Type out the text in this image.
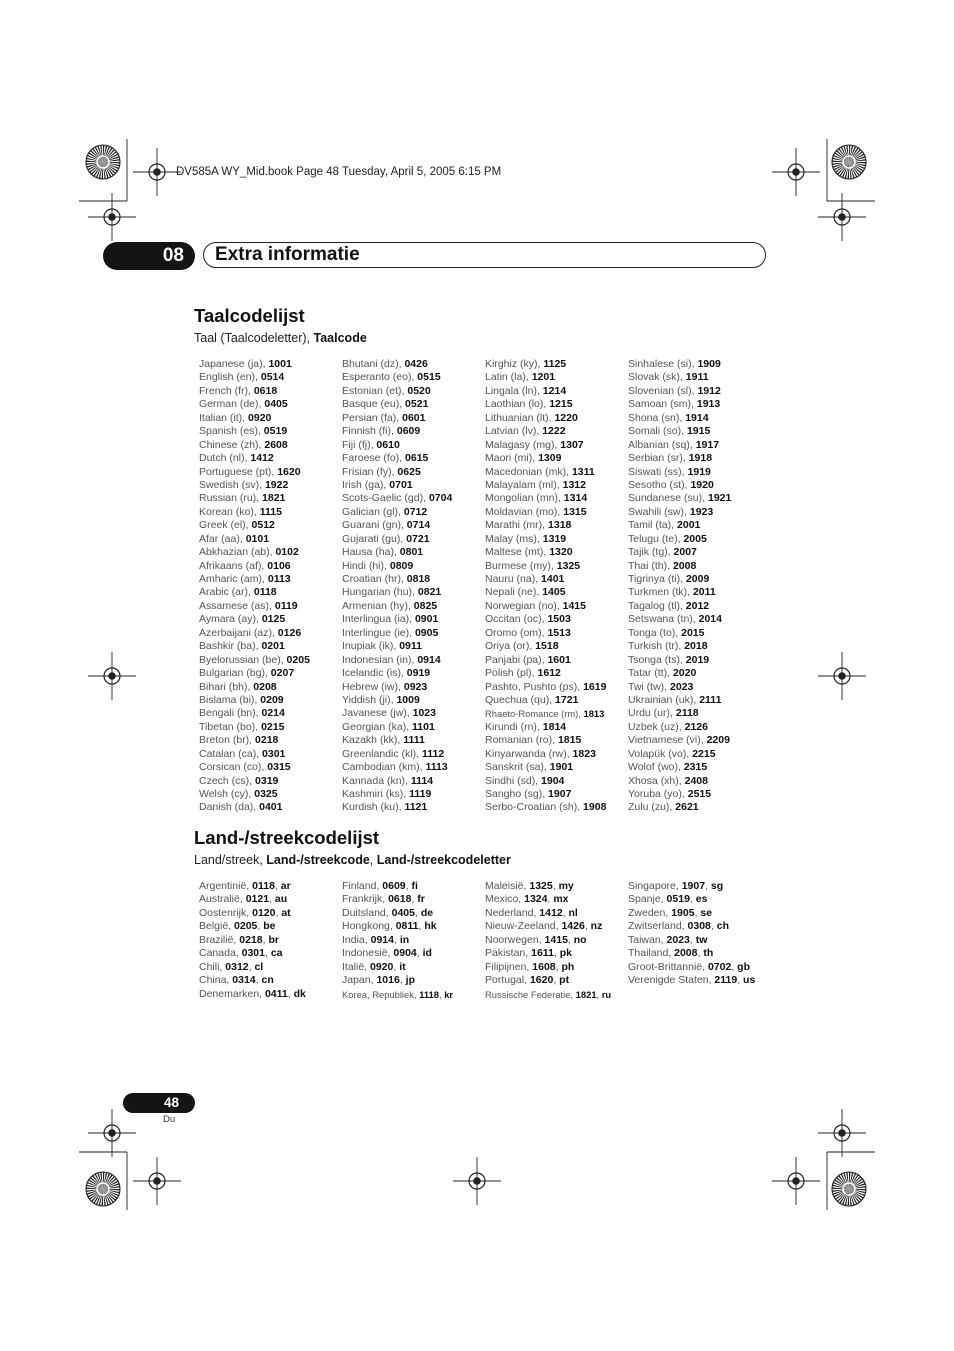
DV585A WY_Mid.book Page 48 Tuesday, April 5, 2005 6:15 PM
08	Extra informatie
Taalcodelijst
Taal (Taalcodeletter), Taalcode
Japanese (ja), 1001
English (en), 0514
French (fr), 0618
German (de), 0405
Italian (it), 0920
Spanish (es), 0519
Chinese (zh), 2608
Dutch (nl), 1412
Portuguese (pt), 1620
Swedish (sv), 1922
Russian (ru), 1821
Korean (ko), 1115
Greek (el), 0512
Afar (aa), 0101
Abkhazian (ab), 0102
Afrikaans (af), 0106
Amharic (am), 0113
Arabic (ar), 0118
Assamese (as), 0119
Aymara (ay), 0125
Azerbaijani (az), 0126
Bashkir (ba), 0201
Byelorussian (be), 0205
Bulgarian (bg), 0207
Bihari (bh), 0208
Bislama (bi), 0209
Bengali (bn), 0214
Tibetan (bo), 0215
Breton (br), 0218
Catalan (ca), 0301
Corsican (co), 0315
Czech (cs), 0319
Welsh (cy), 0325
Danish (da), 0401
Bhutani (dz), 0426
Esperanto (eo), 0515
Estonian (et), 0520
Basque (eu), 0521
Persian (fa), 0601
Finnish (fi), 0609
Fiji (fj), 0610
Faroese (fo), 0615
Frisian (fy), 0625
Irish (ga), 0701
Scots-Gaelic (gd), 0704
Galician (gl), 0712
Guarani (gn), 0714
Gujarati (gu), 0721
Hausa (ha), 0801
Hindi (hi), 0809
Croatian (hr), 0818
Hungarian (hu), 0821
Armenian (hy), 0825
Interlingua (ia), 0901
Interlingue (ie), 0905
Inupiak (ik), 0911
Indonesian (in), 0914
Icelandic (is), 0919
Hebrew (iw), 0923
Yiddish (ji), 1009
Javanese (jw), 1023
Georgian (ka), 1101
Kazakh (kk), 1111
Greenlandic (kl), 1112
Cambodian (km), 1113
Kannada (kn), 1114
Kashmiri (ks), 1119
Kurdish (ku), 1121
Kirghiz (ky), 1125
Latin (la), 1201
Lingala (ln), 1214
Laothian (lo), 1215
Lithuanian (lt), 1220
Latvian (lv), 1222
Malagasy (mg), 1307
Maori (mi), 1309
Macedonian (mk), 1311
Malayalam (ml), 1312
Mongolian (mn), 1314
Moldavian (mo), 1315
Marathi (mr), 1318
Malay (ms), 1319
Maltese (mt), 1320
Burmese (my), 1325
Nauru (na), 1401
Nepali (ne), 1405
Norwegian (no), 1415
Occitan (oc), 1503
Oromo (om), 1513
Oriya (or), 1518
Panjabi (pa), 1601
Polish (pl), 1612
Pashto, Pushto (ps), 1619
Quechua (qu), 1721
Rhaeto-Romance (rm), 1813
Kirundi (rn), 1814
Romanian (ro), 1815
Kinyarwanda (rw), 1823
Sanskrit (sa), 1901
Sindhi (sd), 1904
Sangho (sg), 1907
Serbo-Croatian (sh), 1908
Sinhalese (si), 1909
Slovak (sk), 1911
Slovenian (sl), 1912
Samoan (sm), 1913
Shona (sn), 1914
Somali (so), 1915
Albanian (sq), 1917
Serbian (sr), 1918
Siswati (ss), 1919
Sesotho (st), 1920
Sundanese (su), 1921
Swahili (sw), 1923
Tamil (ta), 2001
Telugu (te), 2005
Tajik (tg), 2007
Thai (th), 2008
Tigrinya (ti), 2009
Turkmen (tk), 2011
Tagalog (tl), 2012
Setswana (tn), 2014
Tonga (to), 2015
Turkish (tr), 2018
Tsonga (ts), 2019
Tatar (tt), 2020
Twi (tw), 2023
Ukrainian (uk), 2111
Urdu (ur), 2118
Uzbek (uz), 2126
Vietnamese (vi), 2209
Volapük (vo), 2215
Wolof (wo), 2315
Xhosa (xh), 2408
Yoruba (yo), 2515
Zulu (zu), 2621
Land-/streekcodelijst
Land/streek, Land-/streekcode, Land-/streekcodeletter
Argentinië, 0118, ar
Australië, 0121, au
Oostenrijk, 0120, at
België, 0205, be
Brazilië, 0218, br
Canada, 0301, ca
Chili, 0312, cl
China, 0314, cn
Denemarken, 0411, dk
Finland, 0609, fi
Frankrijk, 0618, fr
Duitsland, 0405, de
Hongkong, 0811, hk
India, 0914, in
Indonesië, 0904, id
Italië, 0920, it
Japan, 1016, jp
Korea, Republiek, 1118, kr
Maleisië, 1325, my
Mexico, 1324, mx
Nederland, 1412, nl
Nieuw-Zeeland, 1426, nz
Noorwegen, 1415, no
Pakistan, 1611, pk
Filipijnen, 1608, ph
Portugal, 1620, pt
Russische Federatie, 1821, ru
Singapore, 1907, sg
Spanje, 0519, es
Zweden, 1905, se
Zwitserland, 0308, ch
Taiwan, 2023, tw
Thailand, 2008, th
Groot-Brittannië, 0702, gb
Verenigde Staten, 2119, us
48
Du
